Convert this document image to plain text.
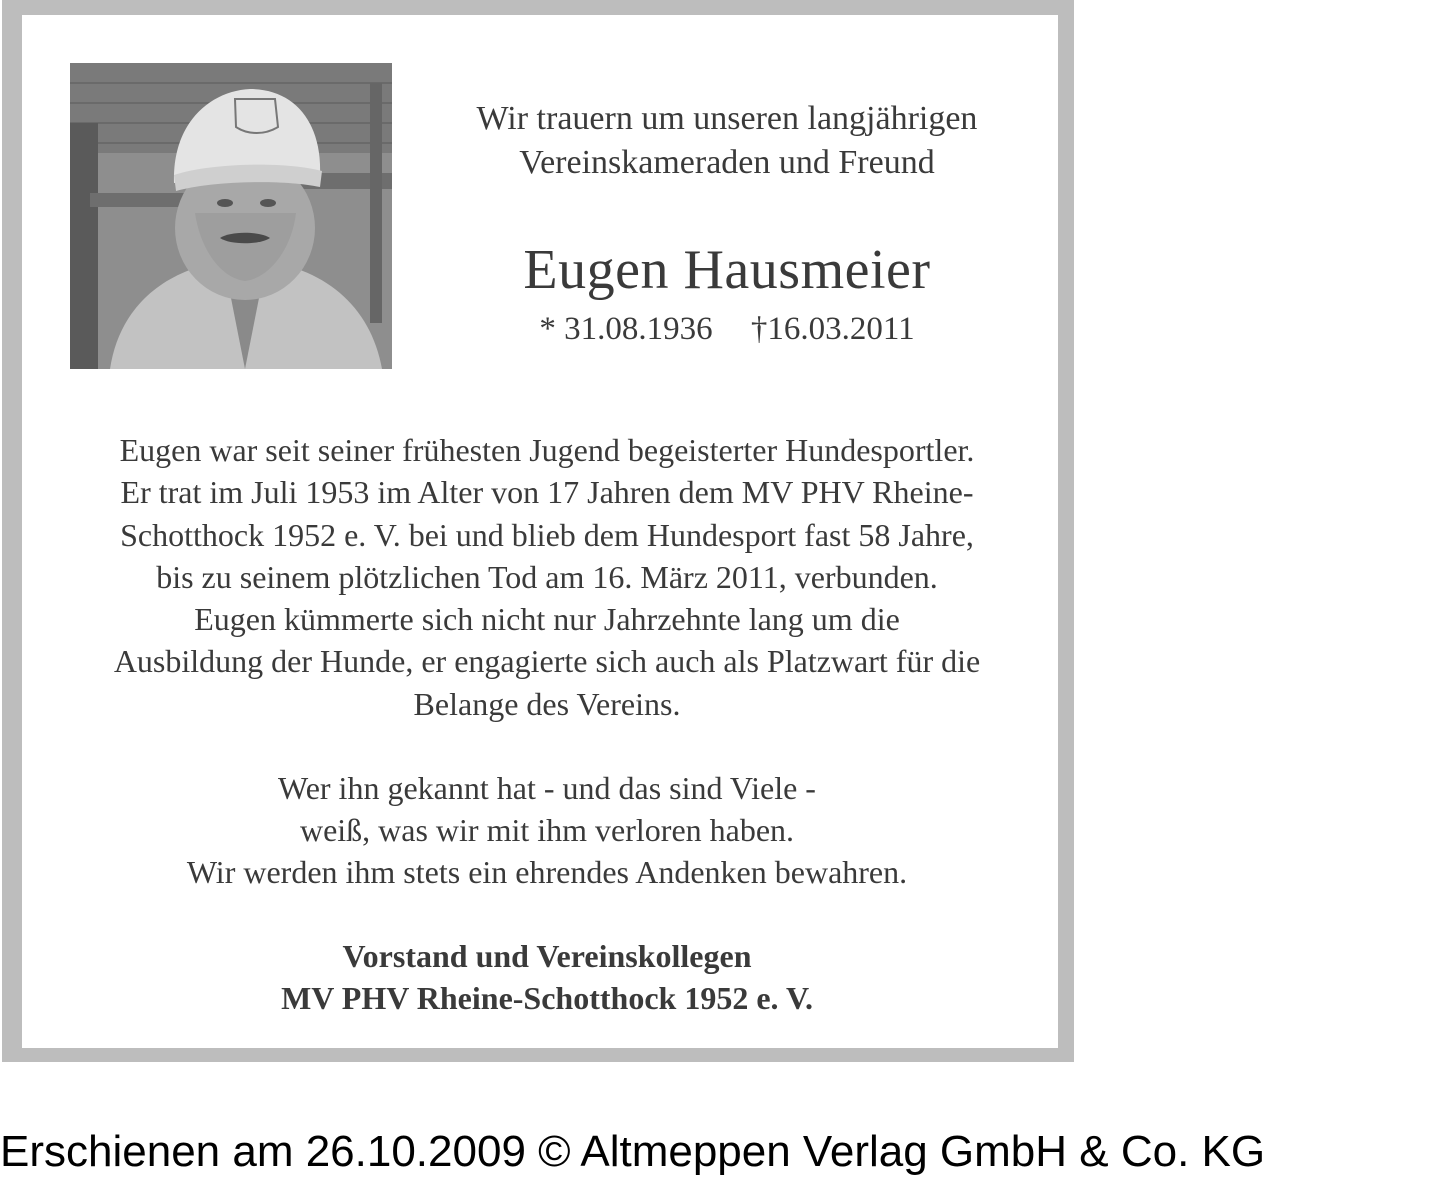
Wir trauern um unseren langjährigen
Vereinskameraden und Freund
Eugen Hausmeier
* 31.08.1936 †16.03.2011
Eugen war seit seiner frühesten Jugend begeisterter Hundesportler.
Er trat im Juli 1953 im Alter von 17 Jahren dem MV PHV Rheine-
Schotthock 1952 e. V. bei und blieb dem Hundesport fast 58 Jahre,
bis zu seinem plötzlichen Tod am 16. März 2011, verbunden.
Eugen kümmerte sich nicht nur Jahrzehnte lang um die
Ausbildung der Hunde, er engagierte sich auch als Platzwart für die
Belange des Vereins.
Wer ihn gekannt hat - und das sind Viele -
weiß, was wir mit ihm verloren haben.
Wir werden ihm stets ein ehrendes Andenken bewahren.
Vorstand und Vereinskollegen
MV PHV Rheine-Schotthock 1952 e. V.
Erschienen am 26.10.2009 © Altmeppen Verlag GmbH & Co. KG
